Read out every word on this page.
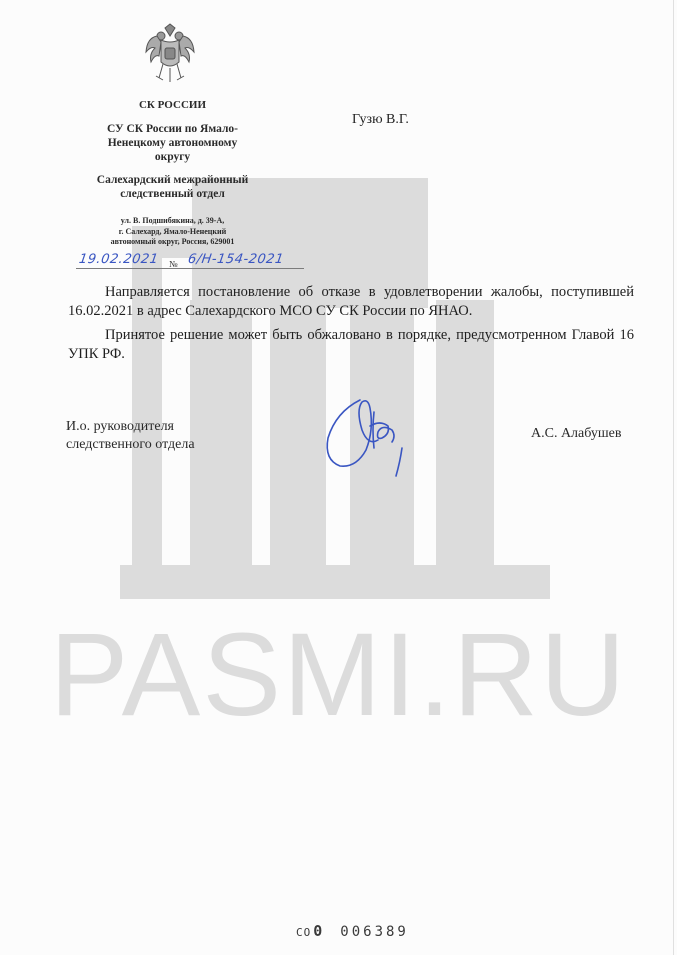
PASMI.RU
СК РОССИИ
СУ СК России по Ямало-
Ненецкому автономному
округу
Салехардский межрайонный
следственный отдел
ул. В. Подшибякина, д. 39-А,
г. Салехард, Ямало-Ненецкий
автономный округ, Россия, 629001
19.02.2021 № 6/Н-154-2021
Гузю В.Г.

Направляется постановление об отказе в удовлетворении жалобы, поступившей 16.02.2021 в адрес Салехардского МСО СУ СК России по ЯНАО.

Принятое решение может быть обжаловано в порядке, предусмотренном Главой 16 УПК РФ.

И.о. руководителя
следственного отдела
А.С. Алабушев
СО 0 006389
